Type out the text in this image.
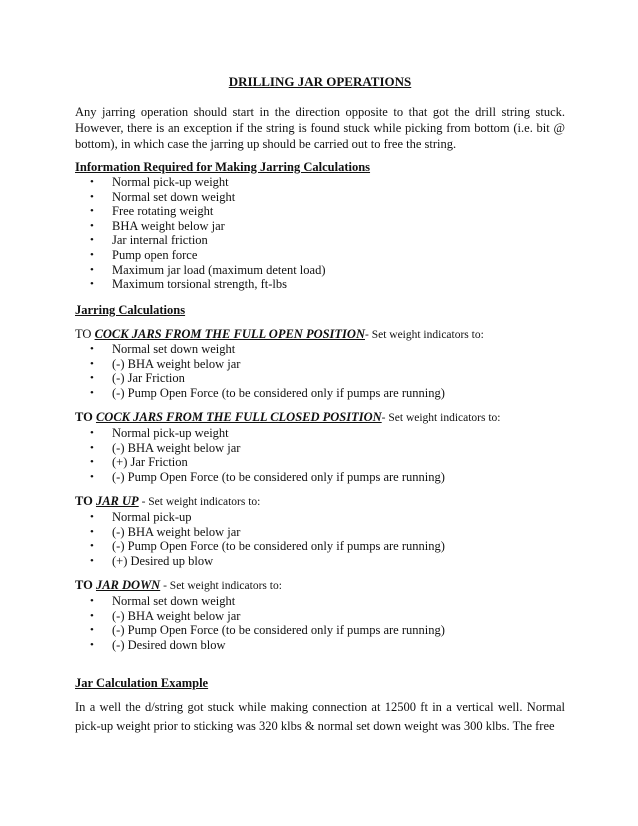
DRILLING JAR OPERATIONS
Any jarring operation should start in the direction opposite to that got the drill string stuck. However, there is an exception if the string is found stuck while picking from bottom (i.e. bit @ bottom), in which case the jarring up should be carried out to free the string.
Information Required for Making Jarring Calculations
• Normal pick-up weight
• Normal set down weight
• Free rotating weight
• BHA weight below jar
• Jar internal friction
• Pump open force
• Maximum jar load (maximum detent load)
• Maximum torsional strength, ft-lbs
Jarring Calculations
TO COCK JARS FROM THE FULL OPEN POSITION- Set weight indicators to:
• Normal set down weight
• (-) BHA weight below jar
• (-) Jar Friction
• (-) Pump Open Force (to be considered only if pumps are running)
TO COCK JARS FROM THE FULL CLOSED POSITION- Set weight indicators to:
• Normal pick-up weight
• (-) BHA weight below jar
• (+) Jar Friction
• (-) Pump Open Force (to be considered only if pumps are running)
TO JAR UP - Set weight indicators to:
• Normal pick-up
• (-) BHA weight below jar
• (-) Pump Open Force (to be considered only if pumps are running)
• (+) Desired up blow
TO JAR DOWN - Set weight indicators to:
• Normal set down weight
• (-) BHA weight below jar
• (-) Pump Open Force (to be considered only if pumps are running)
• (-) Desired down blow
Jar Calculation Example
In a well the d/string got stuck while making connection at 12500 ft in a vertical well. Normal pick-up weight prior to sticking was 320 klbs & normal set down weight was 300 klbs. The free
